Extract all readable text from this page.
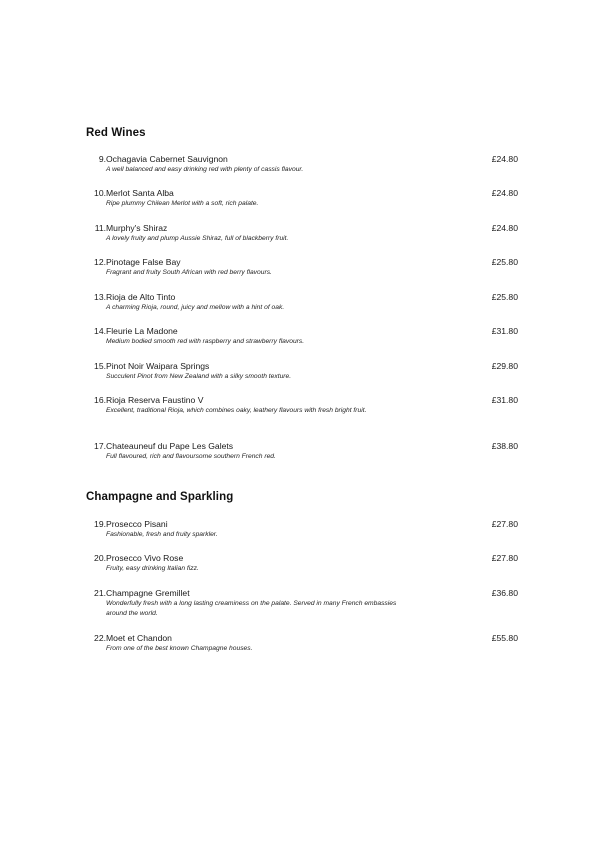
Red Wines
9. Ochagavia Cabernet Sauvignon	£24.80
A well balanced and easy drinking red with plenty of cassis flavour.
10. Merlot Santa Alba	£24.80
Ripe plummy Chilean Merlot with a soft, rich palate.
11. Murphy's Shiraz	£24.80
A lovely fruity and plump Aussie Shiraz, full of blackberry fruit.
12. Pinotage False Bay	£25.80
Fragrant and fruity South African with red berry flavours.
13. Rioja de Alto Tinto	£25.80
A charming Rioja, round, juicy and mellow with a hint of oak.
14. Fleurie La Madone	£31.80
Medium bodied smooth red with raspberry and strawberry flavours.
15. Pinot Noir Waipara Springs	£29.80
Succulent Pinot from New Zealand with a silky smooth texture.
16. Rioja Reserva Faustino V	£31.80
Excellent, traditional Rioja, which combines oaky, leathery flavours with fresh bright fruit.
17. Chateauneuf du Pape Les Galets	£38.80
Full flavoured, rich and flavoursome southern French red.
Champagne and Sparkling
19. Prosecco Pisani	£27.80
Fashionable, fresh and fruity sparkler.
20. Prosecco Vivo Rose	£27.80
Fruity, easy drinking Italian fizz.
21. Champagne Gremillet	£36.80
Wonderfully fresh with a long lasting creaminess on the palate. Served in many French embassies around the world.
22. Moet et Chandon	£55.80
From one of the best known Champagne houses.
